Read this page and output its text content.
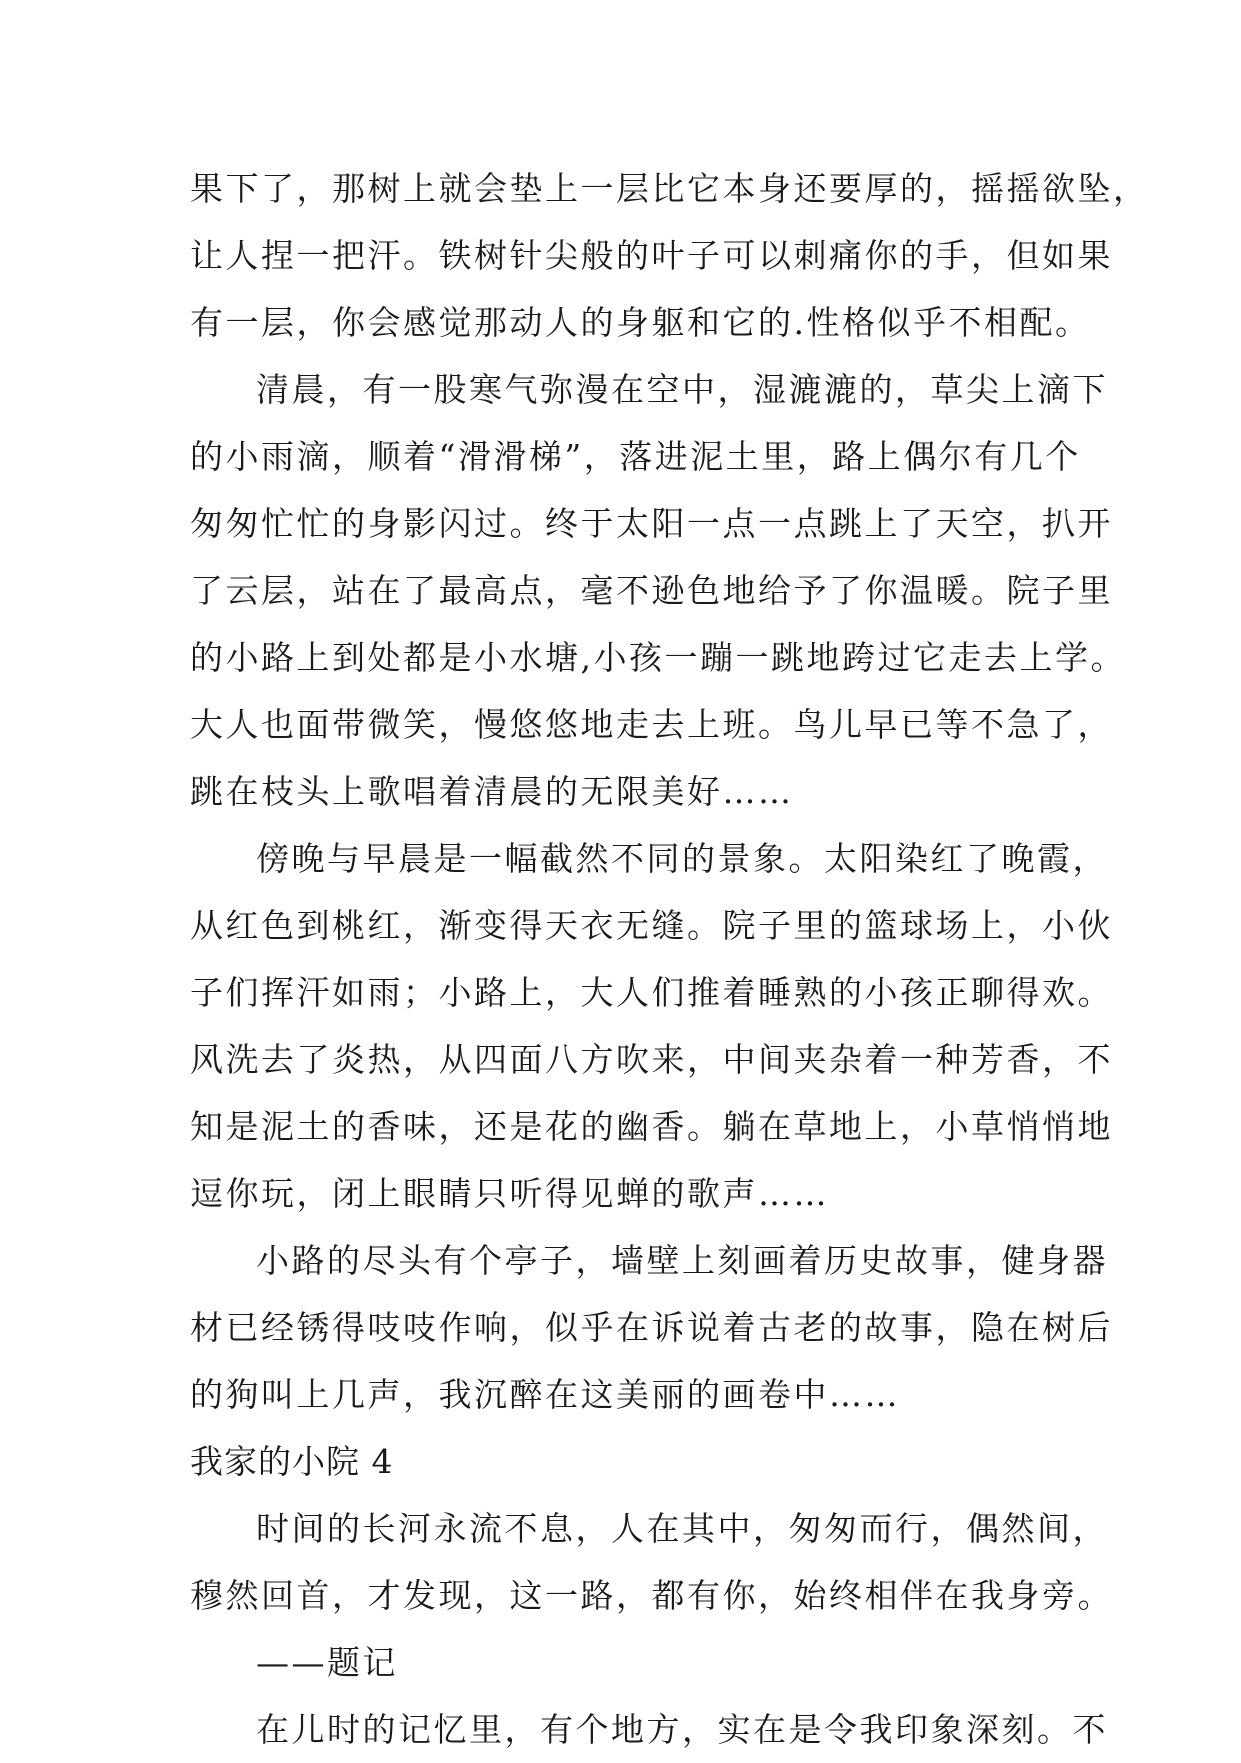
果下了，那树上就会垫上一层比它本身还要厚的，摇摇欲坠，
让人捏一把汗。铁树针尖般的叶子可以刺痛你的手，但如果
有一层，你会感觉那动人的身躯和它的.性格似乎不相配。
清晨，有一股寒气弥漫在空中，湿漉漉的，草尖上滴下
的小雨滴，顺着“滑滑梯”，落进泥土里，路上偶尔有几个
匆匆忙忙的身影闪过。终于太阳一点一点跳上了天空，扒开
了云层，站在了最高点，毫不逊色地给予了你温暖。院子里
的小路上到处都是小水塘,小孩一蹦一跳地跨过它走去上学。
大人也面带微笑，慢悠悠地走去上班。鸟儿早已等不急了，
跳在枝头上歌唱着清晨的无限美好……
傍晚与早晨是一幅截然不同的景象。太阳染红了晚霞，
从红色到桃红，渐变得天衣无缝。院子里的篮球场上，小伙
子们挥汗如雨；小路上，大人们推着睡熟的小孩正聊得欢。
风洗去了炎热，从四面八方吹来，中间夹杂着一种芳香，不
知是泥土的香味，还是花的幽香。躺在草地上，小草悄悄地
逗你玩，闭上眼睛只听得见蝉的歌声……
小路的尽头有个亭子，墙壁上刻画着历史故事，健身器
材已经锈得吱吱作响，似乎在诉说着古老的故事，隐在树后
的狗叫上几声，我沉醉在这美丽的画卷中……
我家的小院 4
时间的长河永流不息，人在其中，匆匆而行，偶然间，
穆然回首，才发现，这一路，都有你，始终相伴在我身旁。
——题记
在儿时的记忆里，有个地方，实在是令我印象深刻。不
